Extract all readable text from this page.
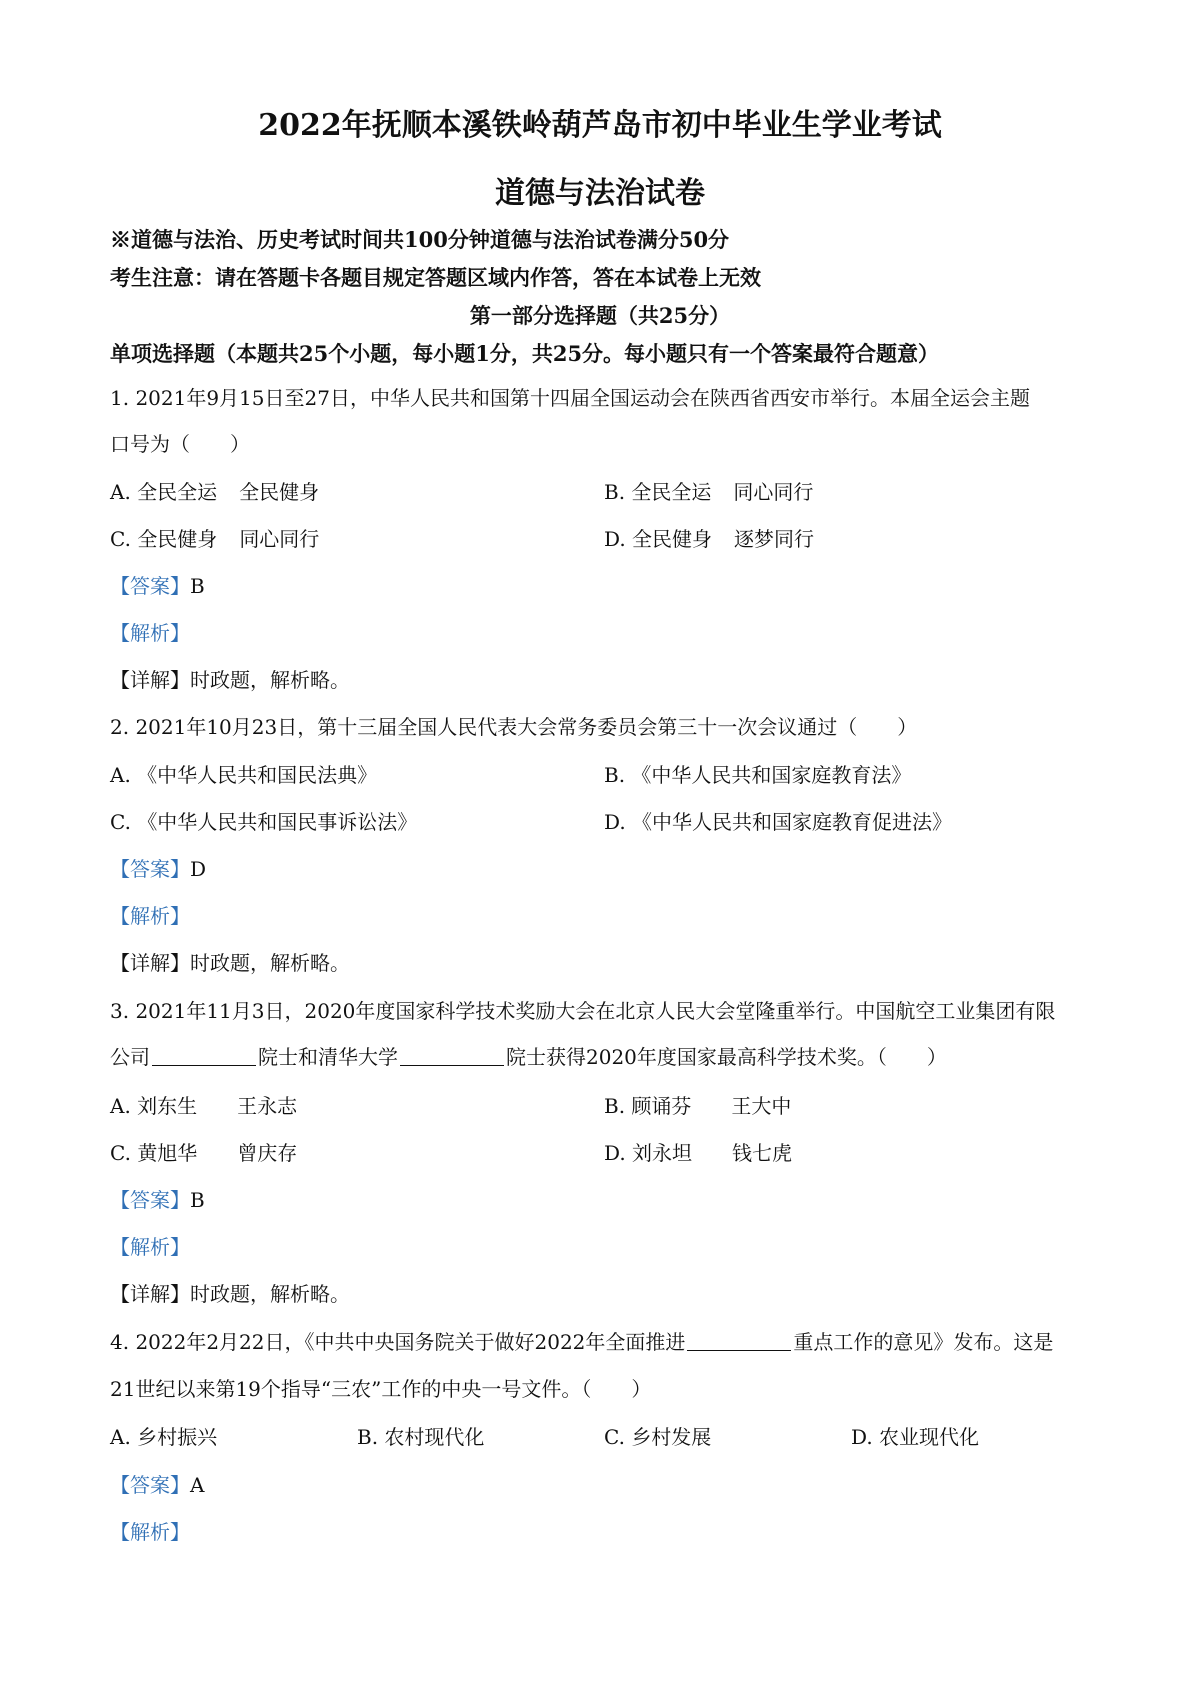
2022年抚顺本溪铁岭葫芦岛市初中毕业生学业考试
道德与法治试卷
※道德与法治、历史考试时间共100分钟道德与法治试卷满分50分
考生注意：请在答题卡各题目规定答题区域内作答，答在本试卷上无效
第一部分选择题（共25分）
单项选择题（本题共25个小题，每小题1分，共25分。每小题只有一个答案最符合题意）
1. 2021年9月15日至27日，中华人民共和国第十四届全国运动会在陕西省西安市举行。本届全运会主题
口号为（　　）
A. 全民全运 全民健身	B. 全民全运 同心同行
C. 全民健身 同心同行	D. 全民健身 逐梦同行
【答案】B
【解析】
【详解】时政题，解析略。
2. 2021年10月23日，第十三届全国人民代表大会常务委员会第三十一次会议通过（　　）
A. 《中华人民共和国民法典》	B. 《中华人民共和国家庭教育法》
C. 《中华人民共和国民事诉讼法》	D. 《中华人民共和国家庭教育促进法》
【答案】D
【解析】
【详解】时政题，解析略。
3. 2021年11月3日，2020年度国家科学技术奖励大会在北京人民大会堂隆重举行。中国航空工业集团有限
公司	院士和清华大学	院士获得2020年度国家最高科学技术奖。（　　）
A. 刘东生 王永志	B. 顾诵芬 王大中
C. 黄旭华 曾庆存	D. 刘永坦 钱七虎
【答案】B
【解析】
【详解】时政题，解析略。
4. 2022年2月22日，《中共中央国务院关于做好2022年全面推进	重点工作的意见》发布。这是
21世纪以来第19个指导“三农”工作的中央一号文件。（　　）
A. 乡村振兴	B. 农村现代化	C. 乡村发展	D. 农业现代化
【答案】A
【解析】
